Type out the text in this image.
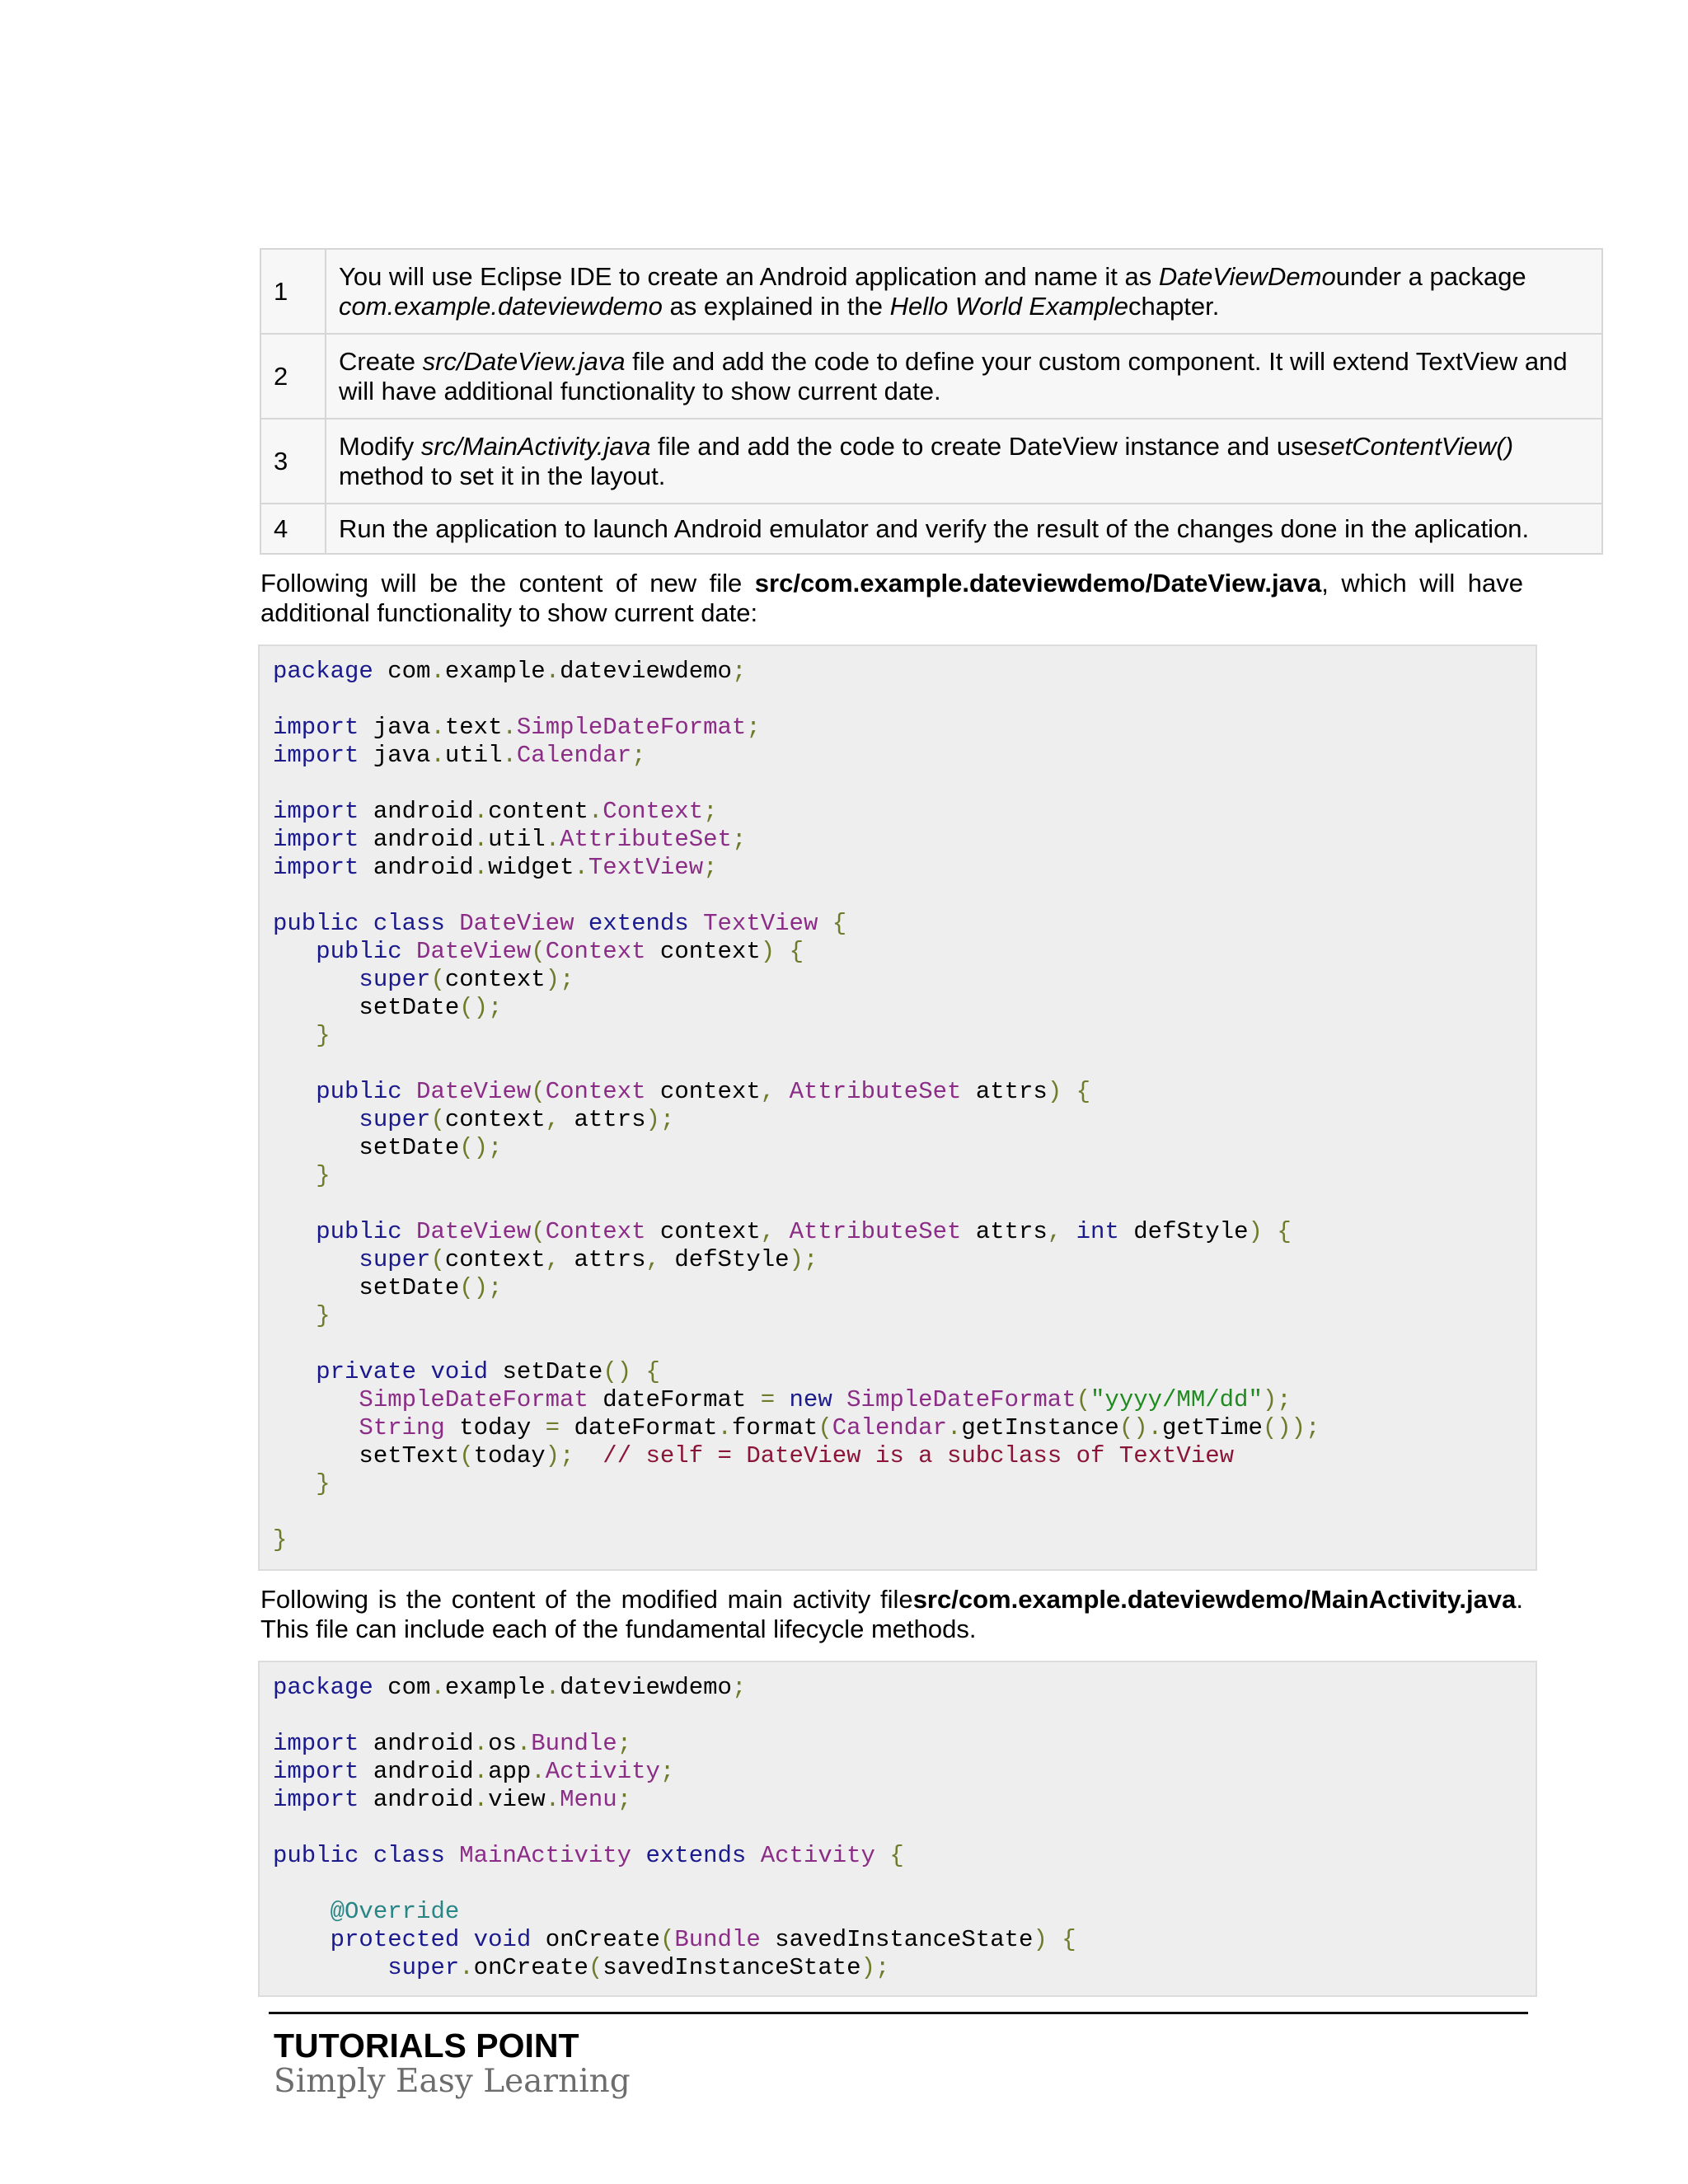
1	You will use Eclipse IDE to create an Android application and name it as DateViewDemounder a package com.example.dateviewdemo as explained in the Hello World Examplechapter.
2	Create src/DateView.java file and add the code to define your custom component. It will extend TextView and will have additional functionality to show current date.
3	Modify src/MainActivity.java file and add the code to create DateView instance and usesetContentView() method to set it in the layout.
4	Run the application to launch Android emulator and verify the result of the changes done in the aplication.
Following will be the content of new file src/com.example.dateviewdemo/DateView.java, which will have additional functionality to show current date:
package com.example.dateviewdemo;

import java.text.SimpleDateFormat;
import java.util.Calendar;

import android.content.Context;
import android.util.AttributeSet;
import android.widget.TextView;

public class DateView extends TextView {
public DateView(Context context) {
super(context);
setDate();
}

public DateView(Context context, AttributeSet attrs) {
super(context, attrs);
setDate();
}

public DateView(Context context, AttributeSet attrs, int defStyle) {
super(context, attrs, defStyle);
setDate();
}

private void setDate() {
SimpleDateFormat dateFormat = new SimpleDateFormat("yyyy/MM/dd");
String today = dateFormat.format(Calendar.getInstance().getTime());
setText(today); // self = DateView is a subclass of TextView
}

}
Following is the content of the modified main activity filesrc/com.example.dateviewdemo/MainActivity.java. This file can include each of the fundamental lifecycle methods.
package com.example.dateviewdemo;

import android.os.Bundle;
import android.app.Activity;
import android.view.Menu;

public class MainActivity extends Activity {

@Override
protected void onCreate(Bundle savedInstanceState) {
super.onCreate(savedInstanceState);
TUTORIALS POINT
Simply Easy Learning
